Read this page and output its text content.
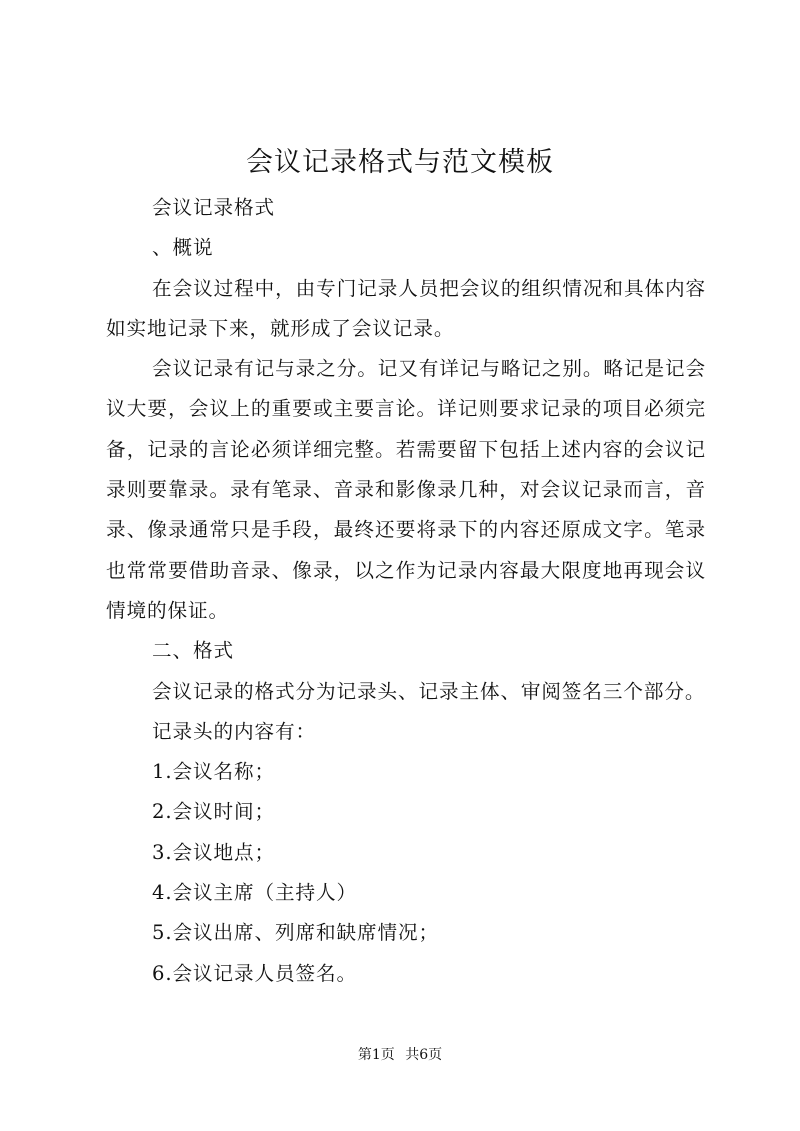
会议记录格式与范文模板

会议记录格式

、概说

在会议过程中，由专门记录人员把会议的组织情况和具体内容如实地记录下来，就形成了会议记录。

会议记录有记与录之分。记又有详记与略记之别。略记是记会议大要，会议上的重要或主要言论。详记则要求记录的项目必须完备，记录的言论必须详细完整。若需要留下包括上述内容的会议记录则要靠录。录有笔录、音录和影像录几种，对会议记录而言，音录、像录通常只是手段，最终还要将录下的内容还原成文字。笔录也常常要借助音录、像录，以之作为记录内容最大限度地再现会议情境的保证。

二、格式

会议记录的格式分为记录头、记录主体、审阅签名三个部分。

记录头的内容有：

1.会议名称；

2.会议时间；

3.会议地点；

4.会议主席（主持人）

5.会议出席、列席和缺席情况；

6.会议记录人员签名。

第1页 共6页
